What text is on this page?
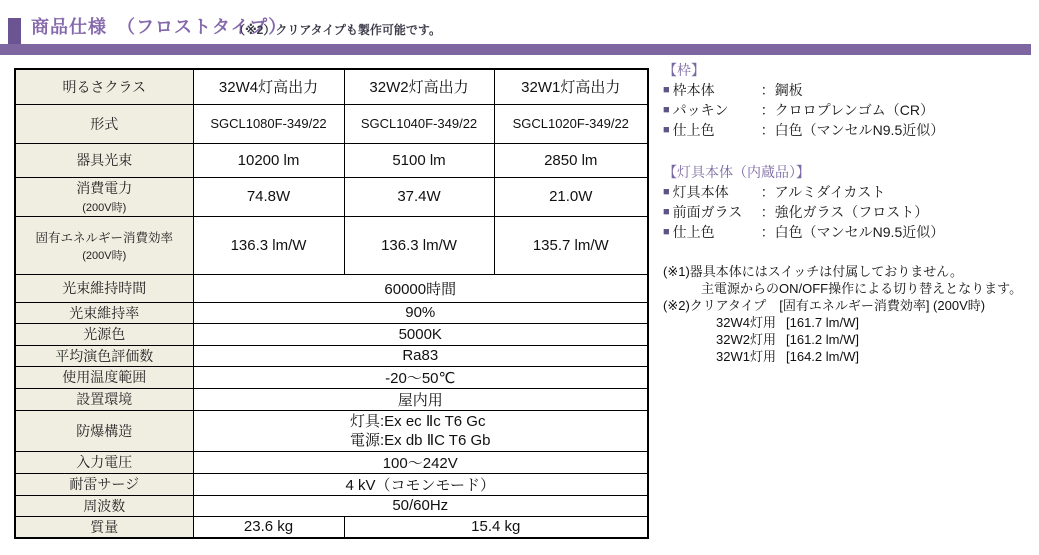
商品仕様　（フロストタイプ）
（※2）クリアタイプも製作可能です。
明るさクラス	32W4灯高出力	32W2灯高出力	32W1灯高出力
形式	SGCL1080F-349/22	SGCL1040F-349/22	SGCL1020F-349/22
器具光束	10200 lm	5100 lm	2850 lm
消費電力
(200V時)	74.8W	37.4W	21.0W
固有エネルギー消費効率
(200V時)	136.3 lm/W	136.3 lm/W	135.7 lm/W
光束維持時間	60000時間		
光束維持率	90%		
光源色	5000K		
平均演色評価数	Ra83		
使用温度範囲	-20～50℃		
設置環境	屋内用		
防爆構造	灯具:Ex ec Ⅱc T6 Gc
電源:Ex db ⅡC T6 Gb		

入力電圧	100～242V		
耐雷サージ	4 kV（コモンモード）		
周波数	50/60Hz		
質量	23.6 kg	15.4 kg	
【枠】
■ 枠本体	：鋼板
■ パッキン	：クロロプレンゴム（CR）
■ 仕上色	：白色（マンセルN9.5近似）
【灯具本体（内蔵品）】
■ 灯具本体	：アルミダイカスト
■ 前面ガラス	：強化ガラス（フロスト）
■ 仕上色	：白色（マンセルN9.5近似）
(※1)器具本体にはスイッチは付属しておりません。
主電源からのON/OFF操作による切り替えとなります。
(※2)クリアタイプ　[固有エネルギー消費効率] (200V時)
32W4灯用 [161.7 lm/W]
32W2灯用 [161.2 lm/W]
32W1灯用 [164.2 lm/W]
